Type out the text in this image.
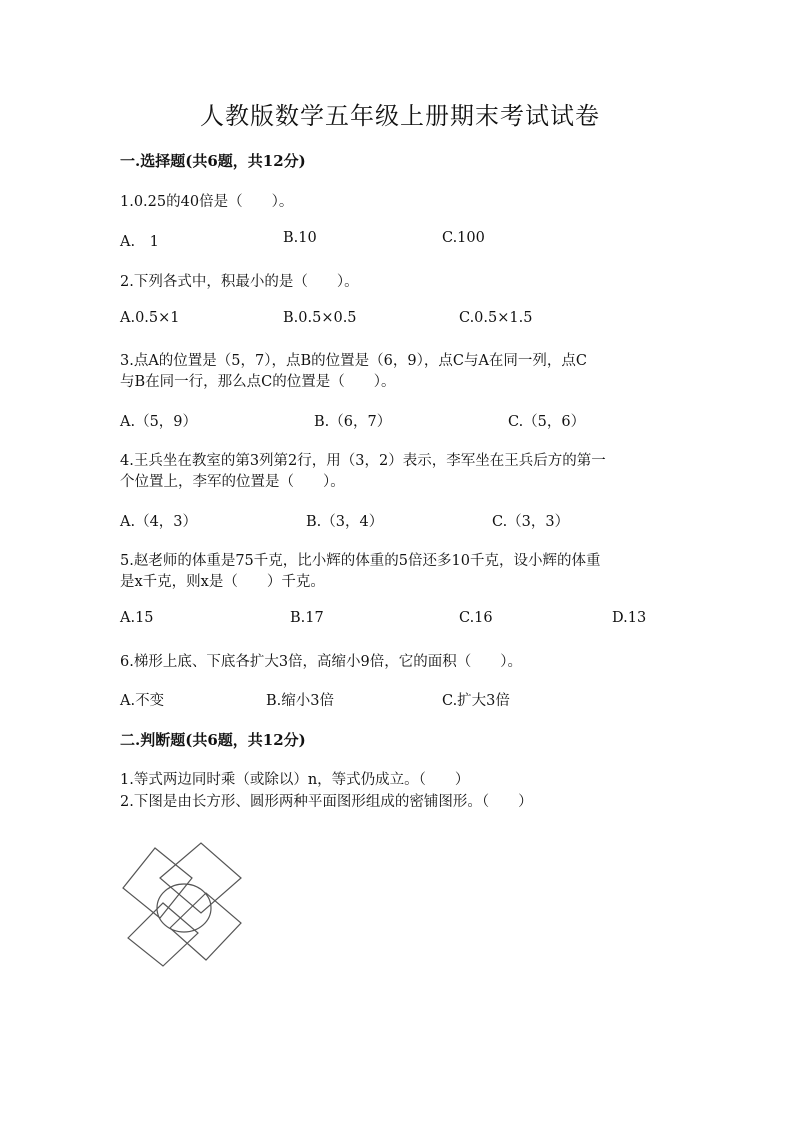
人教版数学五年级上册期末考试试卷
一.选择题(共6题，共12分)
1.0.25的40倍是（　　）。
A.　1	B.10	C.100
2.下列各式中，积最小的是（　　）。
A.0.5×1	B.0.5×0.5	C.0.5×1.5
3.点A的位置是（5，7），点B的位置是（6，9），点C与A在同一列，点C
与B在同一行，那么点C的位置是（　　）。
A.（5，9）	B.（6，7）	C.（5，6）
4.王兵坐在教室的第3列第2行，用（3，2）表示，李军坐在王兵后方的第一
个位置上，李军的位置是（　　）。
A.（4，3）	B.（3，4）	C.（3，3）
5.赵老师的体重是75千克，比小辉的体重的5倍还多10千克，设小辉的体重
是x千克，则x是（　　）千克。
A.15	B.17	C.16	D.13
6.梯形上底、下底各扩大3倍，高缩小9倍，它的面积（　　）。
A.不变	B.缩小3倍	C.扩大3倍
二.判断题(共6题，共12分)
1.等式两边同时乘（或除以）n，等式仍成立。（　　）
2.下图是由长方形、圆形两种平面图形组成的密铺图形。（　　）
